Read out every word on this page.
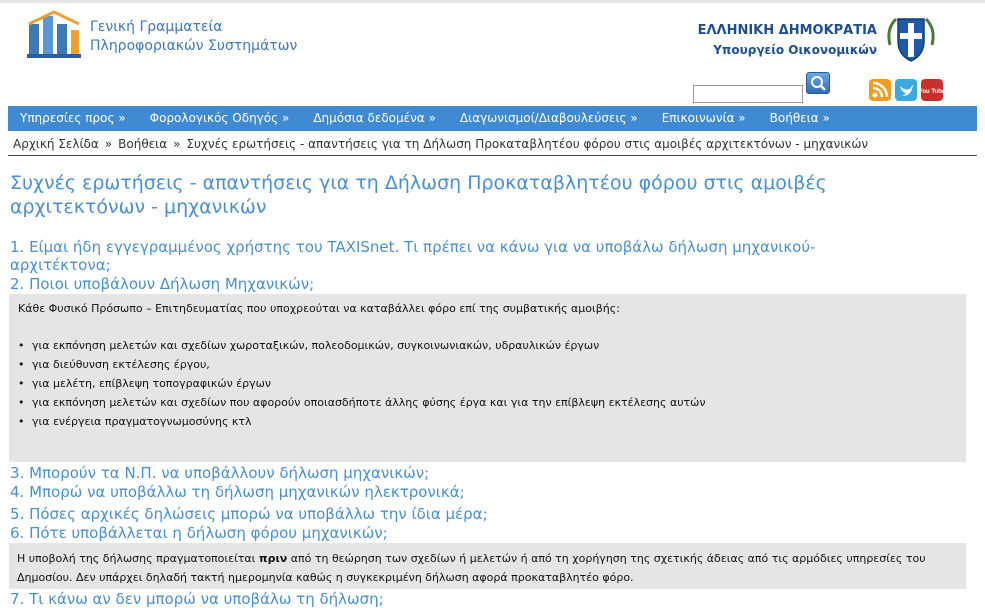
Γενική Γραμματεία
Πληροφοριακών Συστημάτων
ΕΛΛΗΝΙΚΗ ΔΗΜΟΚΡΑΤΙΑ
Υπουργείο Οικονομικών
You Tube
Υπηρεσίες προς »	Φορολογικός Οδηγός »	Δημόσια δεδομένα »	Διαγωνισμοί/Διαβουλεύσεις »	Επικοινωνία »	Βοήθεια »
Αρχική Σελίδα » Βοήθεια » Συχνές ερωτήσεις - απαντήσεις για τη Δήλωση Προκαταβλητέου φόρου στις αμοιβές αρχιτεκτόνων - μηχανικών
Συχνές ερωτήσεις - απαντήσεις για τη Δήλωση Προκαταβλητέου φόρου στις αμοιβές αρχιτεκτόνων - μηχανικών
1. Είμαι ήδη εγγεγραμμένος χρήστης του TAXISnet. Τι πρέπει να κάνω για να υποβάλω δήλωση μηχανικού-αρχιτέκτονα;
2. Ποιοι υποβάλουν Δήλωση Μηχανικών;
Κάθε Φυσικό Πρόσωπο – Επιτηδευματίας που υποχρεούται να καταβάλλει φόρο επί της συμβατικής αμοιβής:
• για εκπόνηση μελετών και σχεδίων χωροταξικών, πολεοδομικών, συγκοινωνιακών, υδραυλικών έργων
• για διεύθυνση εκτέλεσης έργου,
• για μελέτη, επίβλεψη τοπογραφικών έργων
• για εκπόνηση μελετών και σχεδίων που αφορούν οποιασδήποτε άλλης φύσης έργα και για την επίβλεψη εκτέλεσης αυτών
• για ενέργεια πραγματογνωμοσύνης κτλ
3. Μπορούν τα Ν.Π. να υποβάλλουν δήλωση μηχανικών;
4. Μπορώ να υποβάλλω τη δήλωση μηχανικών ηλεκτρονικά;
5. Πόσες αρχικές δηλώσεις μπορώ να υποβάλλω την ίδια μέρα;
6. Πότε υποβάλλεται η δήλωση φόρου μηχανικών;
Η υποβολή της δήλωσης πραγματοποιείται πριν από τη θεώρηση των σχεδίων ή μελετών ή από τη χορήγηση της σχετικής άδειας από τις αρμόδιες υπηρεσίες του Δημοσίου. Δεν υπάρχει δηλαδή τακτή ημερομηνία καθώς η συγκεκριμένη δήλωση αφορά προκαταβλητέο φόρο.
7. Τι κάνω αν δεν μπορώ να υποβάλω τη δήλωση;
